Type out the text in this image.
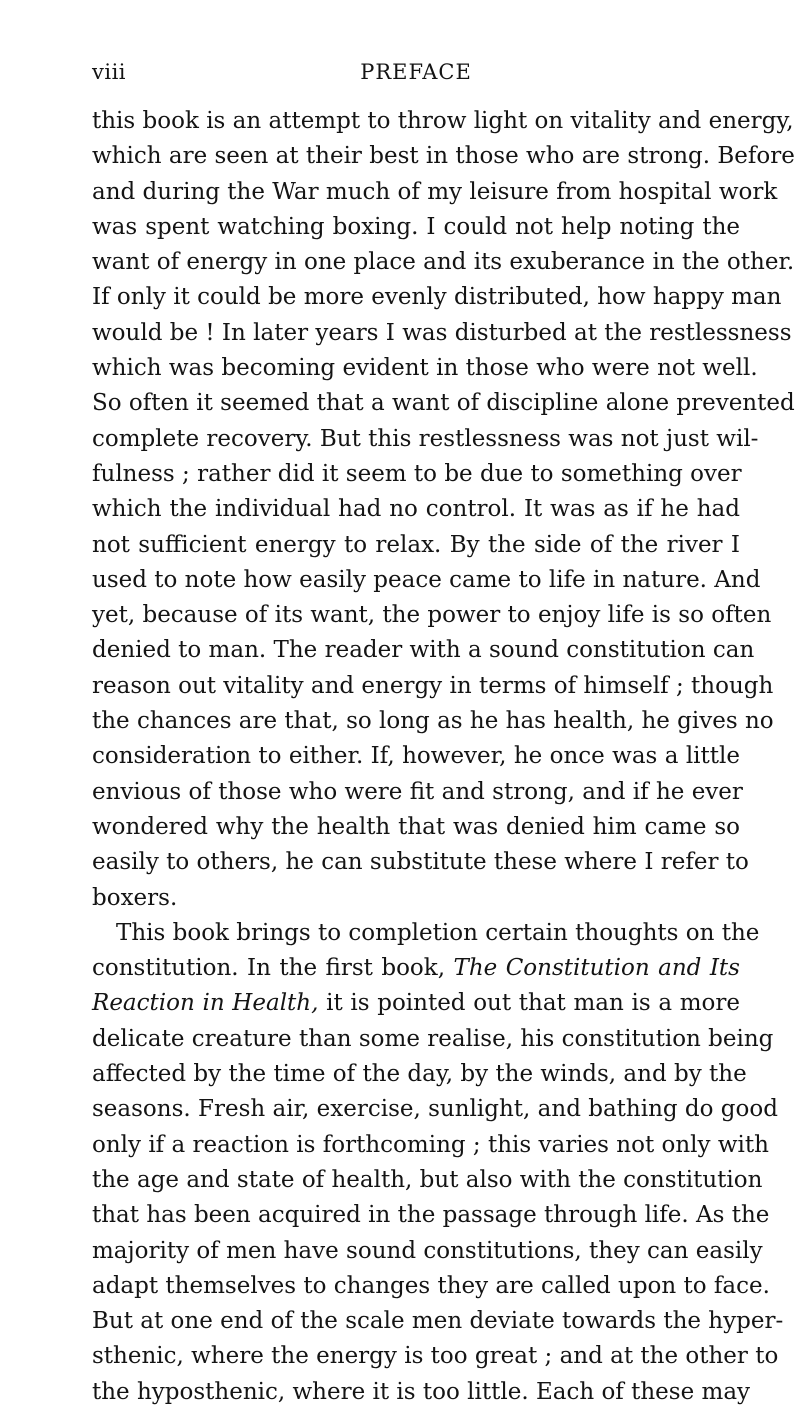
viii	PREFACE
this book is an attempt to throw light on vitality and energy,
which are seen at their best in those who are strong. Before
and during the War much of my leisure from hospital work
was spent watching boxing. I could not help noting the
want of energy in one place and its exuberance in the other.
If only it could be more evenly distributed, how happy man
would be ! In later years I was disturbed at the restlessness
which was becoming evident in those who were not well.
So often it seemed that a want of discipline alone prevented
complete recovery. But this restlessness was not just wil-
fulness ; rather did it seem to be due to something over
which the individual had no control. It was as if he had
not sufficient energy to relax. By the side of the river I
used to note how easily peace came to life in nature. And
yet, because of its want, the power to enjoy life is so often
denied to man. The reader with a sound constitution can
reason out vitality and energy in terms of himself ; though
the chances are that, so long as he has health, he gives no
consideration to either. If, however, he once was a little
envious of those who were fit and strong, and if he ever
wondered why the health that was denied him came so
easily to others, he can substitute these where I refer to
boxers.
This book brings to completion certain thoughts on the
constitution. In the first book, The Constitution and Its
Reaction in Health, it is pointed out that man is a more
delicate creature than some realise, his constitution being
affected by the time of the day, by the winds, and by the
seasons. Fresh air, exercise, sunlight, and bathing do good
only if a reaction is forthcoming ; this varies not only with
the age and state of health, but also with the constitution
that has been acquired in the passage through life. As the
majority of men have sound constitutions, they can easily
adapt themselves to changes they are called upon to face.
But at one end of the scale men deviate towards the hyper-
sthenic, where the energy is too great ; and at the other to
the hyposthenic, where it is too little. Each of these may
